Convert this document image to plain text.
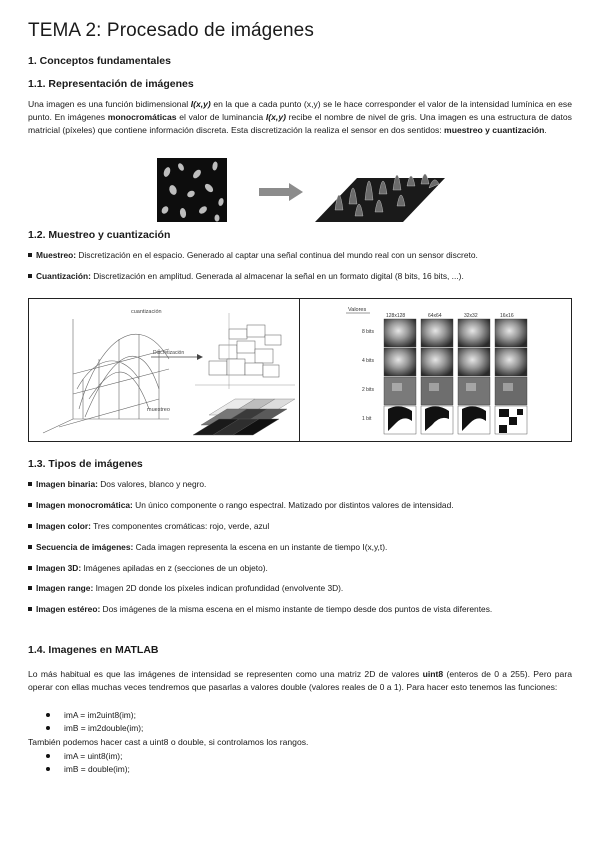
TEMA 2: Procesado de imágenes
1. Conceptos fundamentales
1.1. Representación de imágenes

Una imagen es una función bidimensional I(x,y) en la que a cada punto (x,y) se le hace corresponder el valor de la intensidad lumínica en ese punto. En imágenes monocromáticas el valor de luminancia I(x,y) recibe el nombre de nivel de gris. Una imagen es una estructura de datos matricial (píxeles) que contiene información discreta. Esta discretización la realiza el sensor en dos sentidos: muestreo y cuantización.

1.2. Muestreo y cuantización

Muestreo: Discretización en el espacio. Generado al captar una señal continua del mundo real con un sensor discreto.

Cuantización: Discretización en amplitud. Generada al almacenar la señal en un formato digital (8 bits, 16 bits, ...).

cuantización
Discretización
muestreo
Valores
128x128	64x64	32x32	16x16
8 bits
4 bits
2 bits
1 bit
1.3. Tipos de imágenes

Imagen binaria: Dos valores, blanco y negro.

Imagen monocromática: Un único componente o rango espectral. Matizado por distintos valores de intensidad.

Imagen color: Tres componentes cromáticas: rojo, verde, azul

Secuencia de imágenes: Cada imagen representa la escena en un instante de tiempo I(x,y,t).

Imagen 3D: Imágenes apiladas en z (secciones de un objeto).

Imagen range: Imagen 2D donde los píxeles indican profundidad (envolvente 3D).

Imagen estéreo: Dos imágenes de la misma escena en el mismo instante de tiempo desde dos puntos de vista diferentes.

1.4. Imagenes en MATLAB

Lo más habitual es que las imágenes de intensidad se representen como una matriz 2D de valores uint8 (enteros de 0 a 255). Pero para operar con ellas muchas veces tendremos que pasarlas a valores double (valores reales de 0 a 1). Para hacer esto tenemos las funciones:

imA = im2uint8(im);
imB = im2double(im);

También podemos hacer cast a uint8 o double, si controlamos los rangos.

imA = uint8(im);
imB = double(im);
